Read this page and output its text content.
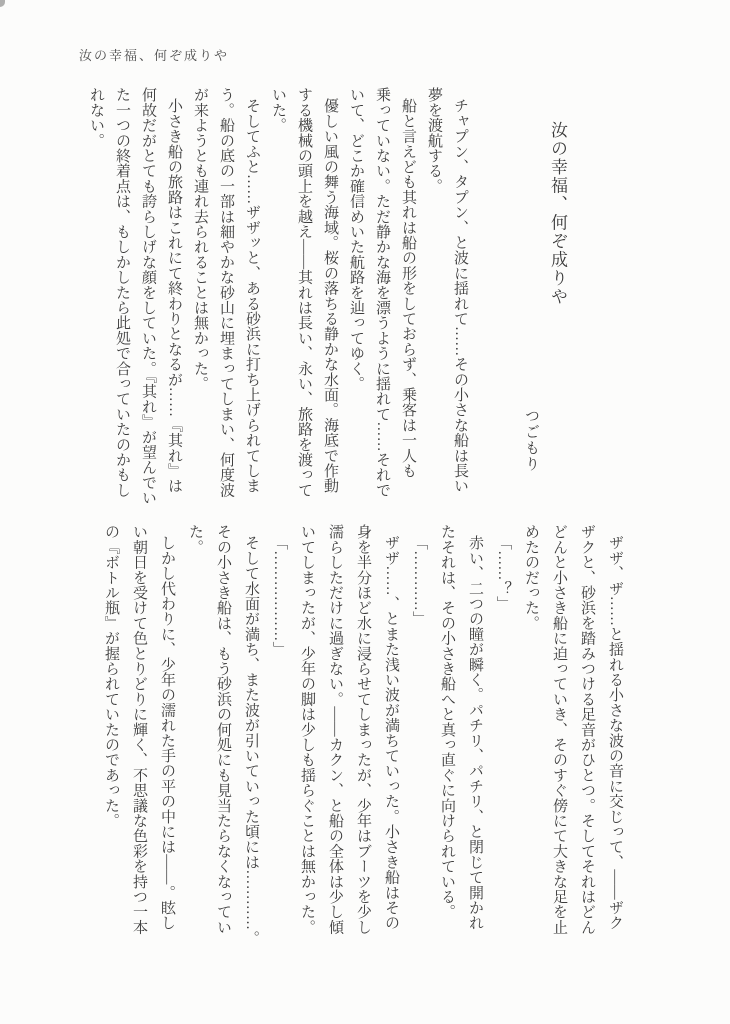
汝の幸福、何ぞ成りや
汝の幸福、何ぞ成りや
つごもり
チャプン、タプン、と波に揺れて……その小さな船は長い
夢を渡航する。
船と言えども其れは船の形をしておらず、乗客は一人も
乗っていない。ただ静かな海を漂うように揺れて……それで
いて、どこか確信めいた航路を辿ってゆく。
優しい風の舞う海域。桜の落ちる静かな水面。海底で作動
する機械の頭上を越え――其れは長い、永い、旅路を渡って
いた。
そしてふと……ザザッと、ある砂浜に打ち上げられてしま
う。船の底の一部は細やかな砂山に埋まってしまい、何度波
が来ようとも連れ去られることは無かった。
小さき船の旅路はこれにて終わりとなるが……『其れ』は
何故だがとても誇らしげな顔をしていた。『其れ』が望んでい
た一つの終着点は、もしかしたら此処で合っていたのかもし
れない。
ザザ、ザ……と揺れる小さな波の音に交じって、――ザク
ザクと、砂浜を踏みつける足音がひとつ。そしてそれはどん
どんと小さき船に迫っていき、そのすぐ傍にて大きな足を止
めたのだった。
「……？」
赤い、二つの瞳が瞬く。パチリ、パチリ、と閉じて開かれ
たそれは、その小さき船へと真っ直ぐに向けられている。
「…………」
ザザ……、とまた浅い波が満ちていった。小さき船はその
身を半分ほど水に浸らせてしまったが、少年はブーツを少し
濡らしただけに過ぎない。――カクン、と船の全体は少し傾
いてしまったが、少年の脚は少しも揺らぐことは無かった。
「………………」
そして水面が満ち、また波が引いていった頃には…………。
その小さき船は、もう砂浜の何処にも見当たらなくなってい
た。
しかし代わりに、少年の濡れた手の平の中には――。眩し
い朝日を受けて色とりどりに輝く、不思議な色彩を持つ一本
の『ボトル瓶』が握られていたのであった。
